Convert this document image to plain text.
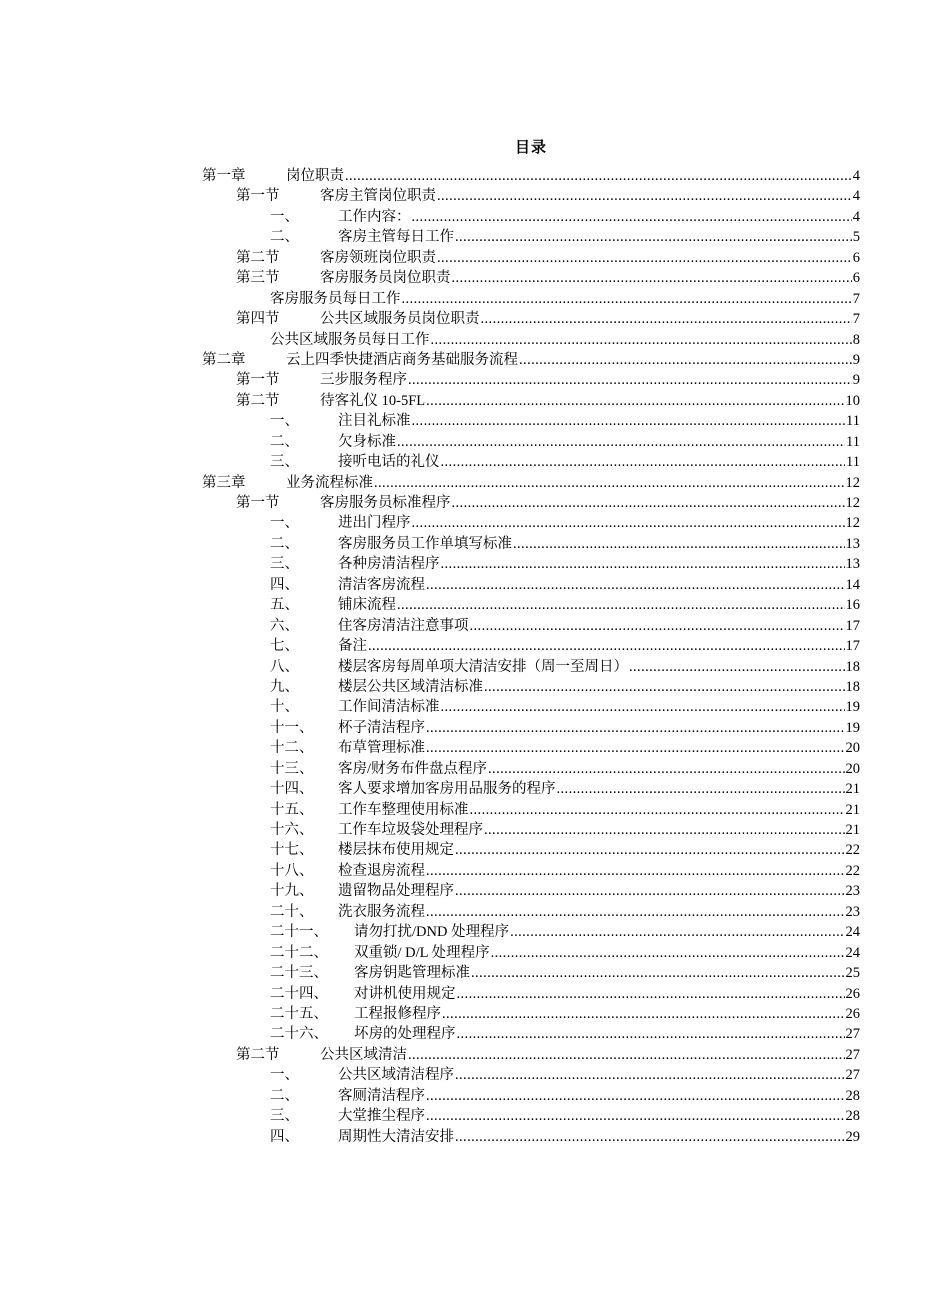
目录
第一章	岗位职责 .....	4
第一节	客房主管岗位职责 .....	4
一、	工作内容： .....	4
二、	客房主管每日工作 .....	5
第二节	客房领班岗位职责 .....	6
第三节	客房服务员岗位职责 .....	6
客房服务员每日工作 .....	7
第四节	公共区域服务员岗位职责 .....	7
公共区域服务员每日工作 .....	8
第二章	云上四季快捷酒店商务基础服务流程 .....	9
第一节	三步服务程序 .....	9
第二节	待客礼仪 10-5FL .....	10
一、	注目礼标准 .....	11
二、	欠身标准 .....	11
三、	接听电话的礼仪 .....	11
第三章	业务流程标准 .....	12
第一节	客房服务员标准程序 .....	12
一、	进出门程序 .....	12
二、	客房服务员工作单填写标准 .....	13
三、	各种房清洁程序 .....	13
四、	清洁客房流程 .....	14
五、	铺床流程 .....	16
六、	住客房清洁注意事项 .....	17
七、	备注 .....	17
八、	楼层客房每周单项大清洁安排（周一至周日） .....	18
九、	楼层公共区域清洁标准 .....	18
十、	工作间清洁标准 .....	19
十一、	杯子清洁程序 .....	19
十二、	布草管理标准 .....	20
十三、	客房/财务布件盘点程序 .....	20
十四、	客人要求增加客房用品服务的程序 .....	21
十五、	工作车整理使用标准 .....	21
十六、	工作车垃圾袋处理程序 .....	21
十七、	楼层抹布使用规定 .....	22
十八、	检查退房流程 .....	22
十九、	遗留物品处理程序 .....	23
二十、	洗衣服务流程 .....	23
二十一、	请勿打扰/DND 处理程序 .....	24
二十二、	双重锁/ D/L 处理程序 .....	24
二十三、	客房钥匙管理标准 .....	25
二十四、	对讲机使用规定 .....	26
二十五、	工程报修程序 .....	26
二十六、	坏房的处理程序 .....	27
第二节	公共区域清洁 .....	27
一、	公共区域清洁程序 .....	27
二、	客厕清洁程序 .....	28
三、	大堂推尘程序 .....	28
四、	周期性大清洁安排 .....	29
